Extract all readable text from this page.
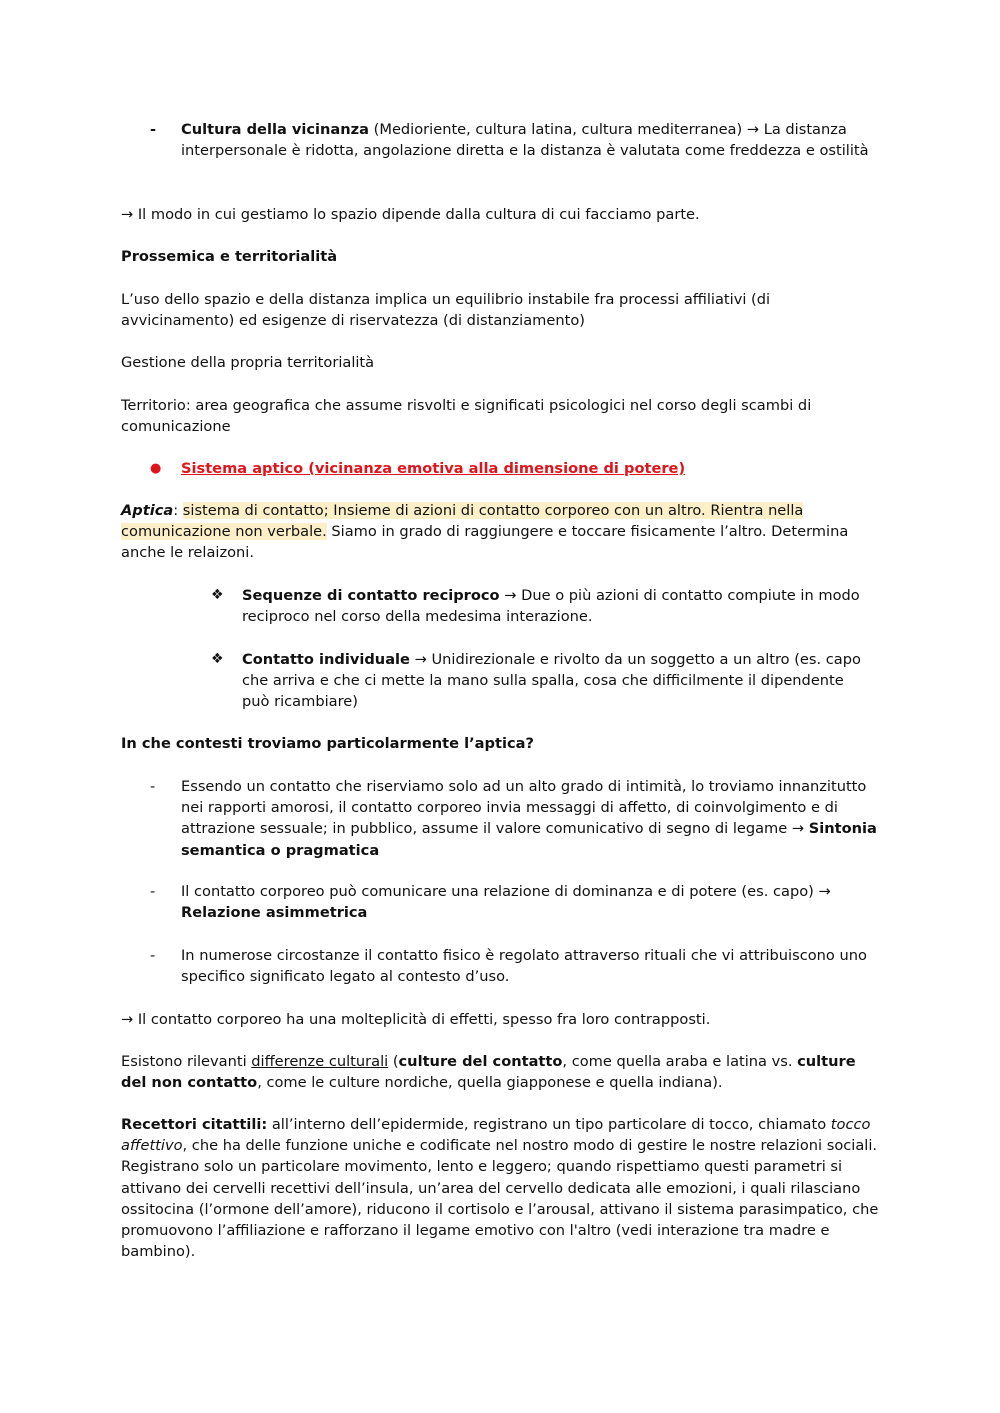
- Cultura della vicinanza (Medioriente, cultura latina, cultura mediterranea) → La distanza interpersonale è ridotta, angolazione diretta e la distanza è valutata come freddezza e ostilità

→ Il modo in cui gestiamo lo spazio dipende dalla cultura di cui facciamo parte.

Prossemica e territorialità

L’uso dello spazio e della distanza implica un equilibrio instabile fra processi affiliativi (di avvicinamento) ed esigenze di riservatezza (di distanziamento)

Gestione della propria territorialità

Territorio: area geografica che assume risvolti e significati psicologici nel corso degli scambi di comunicazione

● Sistema aptico (vicinanza emotiva alla dimensione di potere)

Aptica: sistema di contatto; Insieme di azioni di contatto corporeo con un altro. Rientra nella comunicazione non verbale. Siamo in grado di raggiungere e toccare fisicamente l’altro. Determina anche le relaizoni.

❖ Sequenze di contatto reciproco → Due o più azioni di contatto compiute in modo reciproco nel corso della medesima interazione.

❖ Contatto individuale → Unidirezionale e rivolto da un soggetto a un altro (es. capo che arriva e che ci mette la mano sulla spalla, cosa che difficilmente il dipendente può ricambiare)

In che contesti troviamo particolarmente l’aptica?

- Essendo un contatto che riserviamo solo ad un alto grado di intimità, lo troviamo innanzitutto nei rapporti amorosi, il contatto corporeo invia messaggi di affetto, di coinvolgimento e di attrazione sessuale; in pubblico, assume il valore comunicativo di segno di legame → Sintonia semantica o pragmatica

- Il contatto corporeo può comunicare una relazione di dominanza e di potere (es. capo) → Relazione asimmetrica

- In numerose circostanze il contatto fisico è regolato attraverso rituali che vi attribuiscono uno specifico significato legato al contesto d’uso.

→ Il contatto corporeo ha una molteplicità di effetti, spesso fra loro contrapposti.

Esistono rilevanti differenze culturali (culture del contatto, come quella araba e latina vs. culture del non contatto, come le culture nordiche, quella giapponese e quella indiana).

Recettori citattili: all’interno dell’epidermide, registrano un tipo particolare di tocco, chiamato tocco affettivo, che ha delle funzione uniche e codificate nel nostro modo di gestire le nostre relazioni sociali. Registrano solo un particolare movimento, lento e leggero; quando rispettiamo questi parametri si attivano dei cervelli recettivi dell’insula, un’area del cervello dedicata alle emozioni, i quali rilasciano ossitocina (l’ormone dell’amore), riducono il cortisolo e l’arousal, attivano il sistema parasimpatico, che promuovono l’affiliazione e rafforzano il legame emotivo con l'altro (vedi interazione tra madre e bambino).
